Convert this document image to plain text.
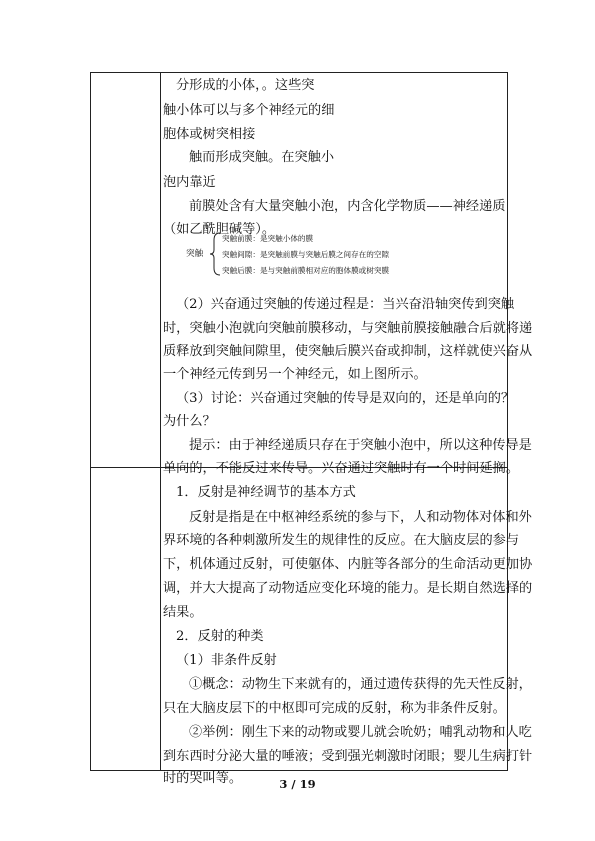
分形成的小体，。这些突
触小体可以与多个神经元的细
胞体或树突相接
触而形成突触。在突触小
泡内靠近
前膜处含有大量突触小泡，内含化学物质——神经递质
（如乙酰胆碱等）。
突触
突触前膜：是突触小体的膜
突触间隙：是突触前膜与突触后膜之间存在的空隙
突触后膜：是与突触前膜相对应的胞体膜或树突膜
（2）兴奋通过突触的传递过程是：当兴奋沿轴突传到突触
时，突触小泡就向突触前膜移动，与突触前膜接触融合后就将递
质释放到突触间隙里，使突触后膜兴奋或抑制，这样就使兴奋从
一个神经元传到另一个神经元，如上图所示。
（3）讨论：兴奋通过突触的传导是双向的，还是单向的？
为什么？
提示：由于神经递质只存在于突触小泡中，所以这种传导是
单向的，不能反过来传导。兴奋通过突触时有一个时间延搁。
1．反射是神经调节的基本方式
反射是指是在中枢神经系统的参与下，人和动物体对体和外
界环境的各种刺激所发生的规律性的反应。在大脑皮层的参与
下，机体通过反射，可使躯体、内脏等各部分的生命活动更加协
调，并大大提高了动物适应变化环境的能力。是长期自然选择的
结果。
2．反射的种类
（1）非条件反射
①概念：动物生下来就有的，通过遗传获得的先天性反射，
只在大脑皮层下的中枢即可完成的反射，称为非条件反射。
②举例：刚生下来的动物或婴儿就会吮奶；哺乳动物和人吃
到东西时分泌大量的唾液；受到强光刺激时闭眼；婴儿生病打针
时的哭叫等。	3 / 19
